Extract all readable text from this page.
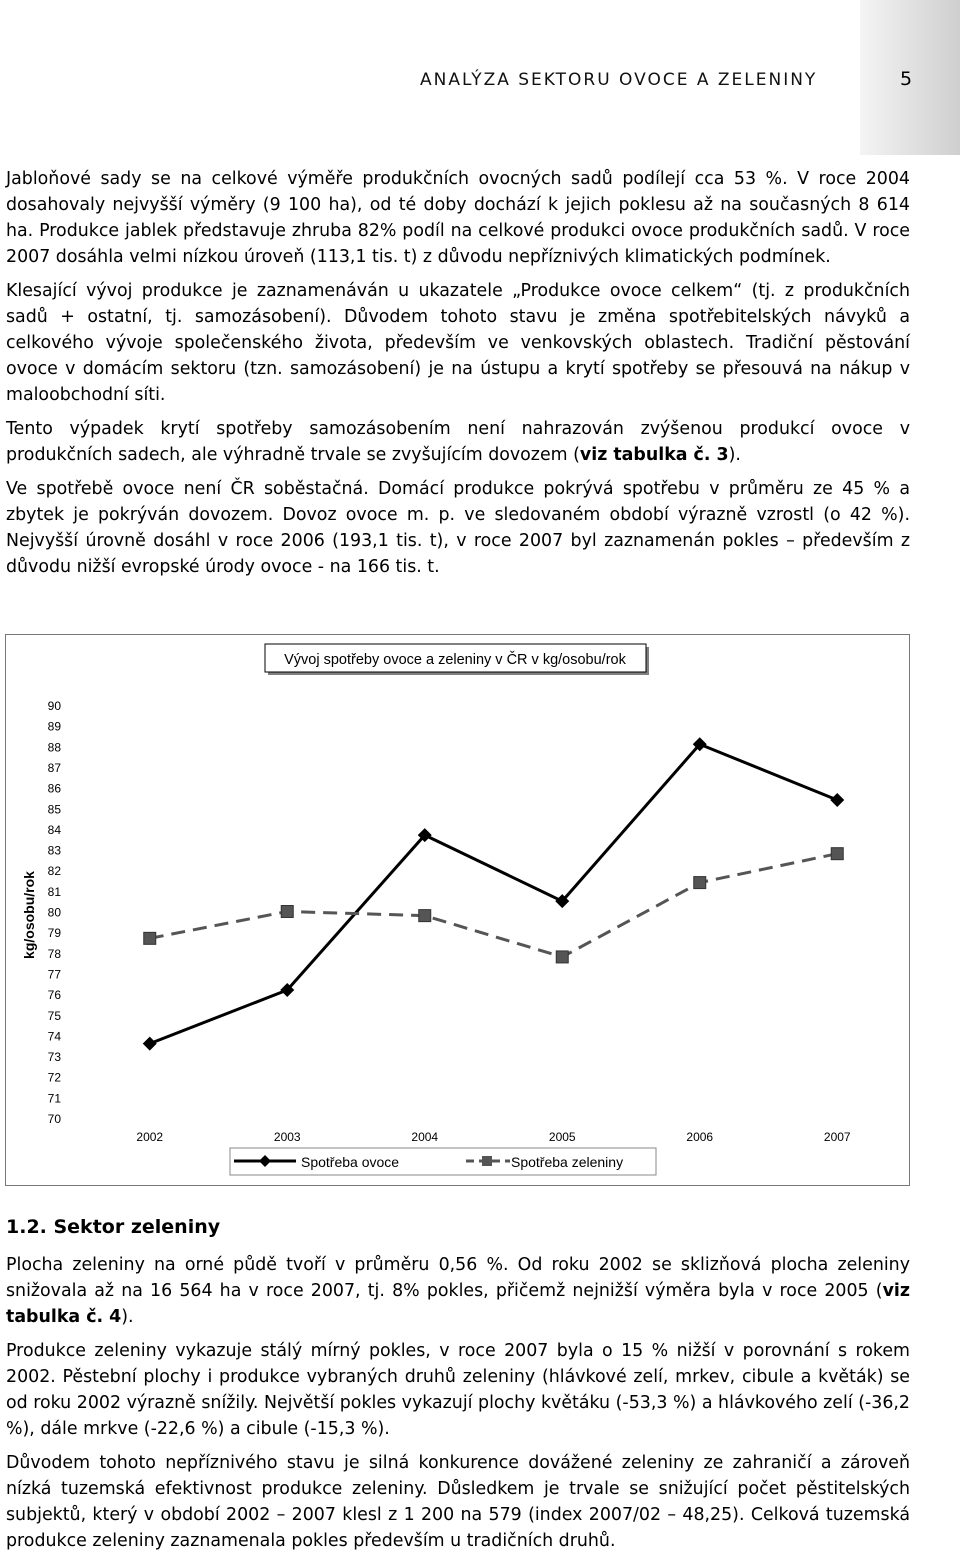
ANALÝZA SEKTORU OVOCE A ZELENINY	5

Jabloňové sady se na celkové výměře produkčních ovocných sadů podílejí cca 53 %. V roce 2004 dosahovaly nejvyšší výměry (9 100 ha), od té doby dochází k jejich poklesu až na současných 8 614 ha. Produkce jablek představuje zhruba 82% podíl na celkové produkci ovoce produkčních sadů. V roce 2007 dosáhla velmi nízkou úroveň (113,1 tis. t) z důvodu nepříznivých klimatických podmínek.

Klesající vývoj produkce je zaznamenáván u ukazatele „Produkce ovoce celkem“ (tj. z produkčních sadů + ostatní, tj. samozásobení). Důvodem tohoto stavu je změna spotřebitelských návyků a celkového vývoje společenského života, především ve venkovských oblastech. Tradiční pěstování ovoce v domácím sektoru (tzn. samozásobení) je na ústupu a krytí spotřeby se přesouvá na nákup v maloobchodní síti.

Tento výpadek krytí spotřeby samozásobením není nahrazován zvýšenou produkcí ovoce v produkčních sadech, ale výhradně trvale se zvyšujícím dovozem (viz tabulka č. 3).

Ve spotřebě ovoce není ČR soběstačná. Domácí produkce pokrývá spotřebu v průměru ze 45 % a zbytek je pokrýván dovozem. Dovoz ovoce m. p. ve sledovaném období výrazně vzrostl (o 42 %). Nejvyšší úrovně dosáhl v roce 2006 (193,1 tis. t), v roce 2007 byl zaznamenán pokles – především z důvodu nižší evropské úrody ovoce - na 166 tis. t.

Vývoj spotřeby ovoce a zeleniny v ČR v kg/osobu/rok
kg/osobu/rok
90
89
88
87
86
85
84
83
82
81
80
79
78
77
76
75
74
73
72
71
70
2002	2003	2004	2005	2006	2007
Spotřeba ovoce	Spotřeba zeleniny
1.2. Sektor zeleniny

Plocha zeleniny na orné půdě tvoří v průměru 0,56 %. Od roku 2002 se sklizňová plocha zeleniny snižovala až na 16 564 ha v roce 2007, tj. 8% pokles, přičemž nejnižší výměra byla v roce 2005 (viz tabulka č. 4).

Produkce zeleniny vykazuje stálý mírný pokles, v roce 2007 byla o 15 % nižší v porovnání s rokem 2002. Pěstební plochy i produkce vybraných druhů zeleniny (hlávkové zelí, mrkev, cibule a květák) se od roku 2002 výrazně snížily. Největší pokles vykazují plochy květáku (-53,3 %) a hlávkového zelí (-36,2 %), dále mrkve (-22,6 %) a cibule (-15,3 %).

Důvodem tohoto nepříznivého stavu je silná konkurence dovážené zeleniny ze zahraničí a zároveň nízká tuzemská efektivnost produkce zeleniny. Důsledkem je trvale se snižující počet pěstitelských subjektů, který v období 2002 – 2007 klesl z 1 200 na 579 (index 2007/02 – 48,25). Celková tuzemská produkce zeleniny zaznamenala pokles především u tradičních druhů.
